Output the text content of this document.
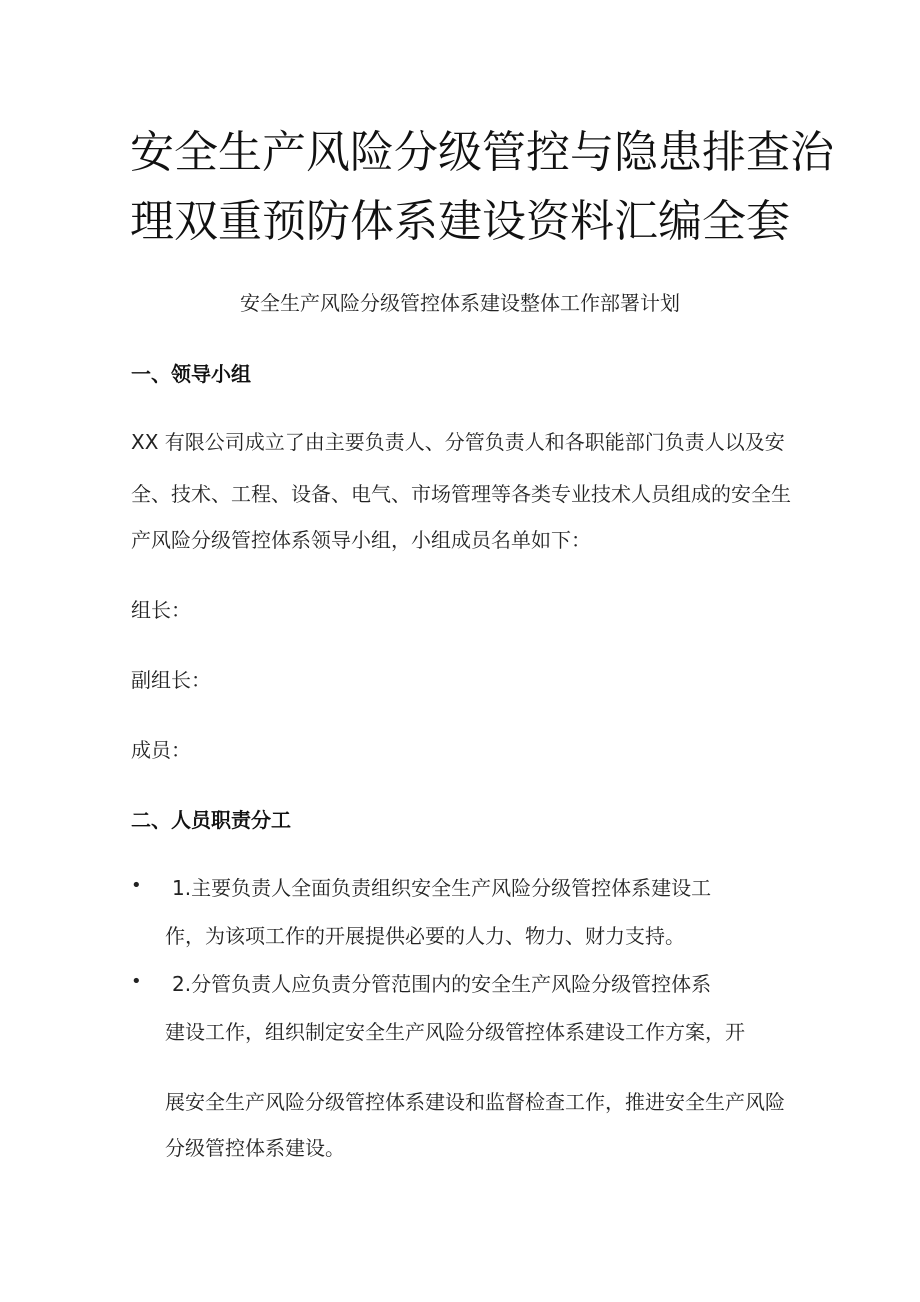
安全生产风险分级管控与隐患排查治
理双重预防体系建设资料汇编全套
安全生产风险分级管控体系建设整体工作部署计划
一、领导小组
XX 有限公司成立了由主要负责人、分管负责人和各职能部门负责人以及安
全、技术、工程、设备、电气、市场管理等各类专业技术人员组成的安全生
产风险分级管控体系领导小组，小组成员名单如下：
组长：
副组长：
成员：
二、人员职责分工
• 1.主要负责人全面负责组织安全生产风险分级管控体系建设工
作，为该项工作的开展提供必要的人力、物力、财力支持。
• 2.分管负责人应负责分管范围内的安全生产风险分级管控体系
建设工作，组织制定安全生产风险分级管控体系建设工作方案，开
展安全生产风险分级管控体系建设和监督检查工作，推进安全生产风险
分级管控体系建设。
